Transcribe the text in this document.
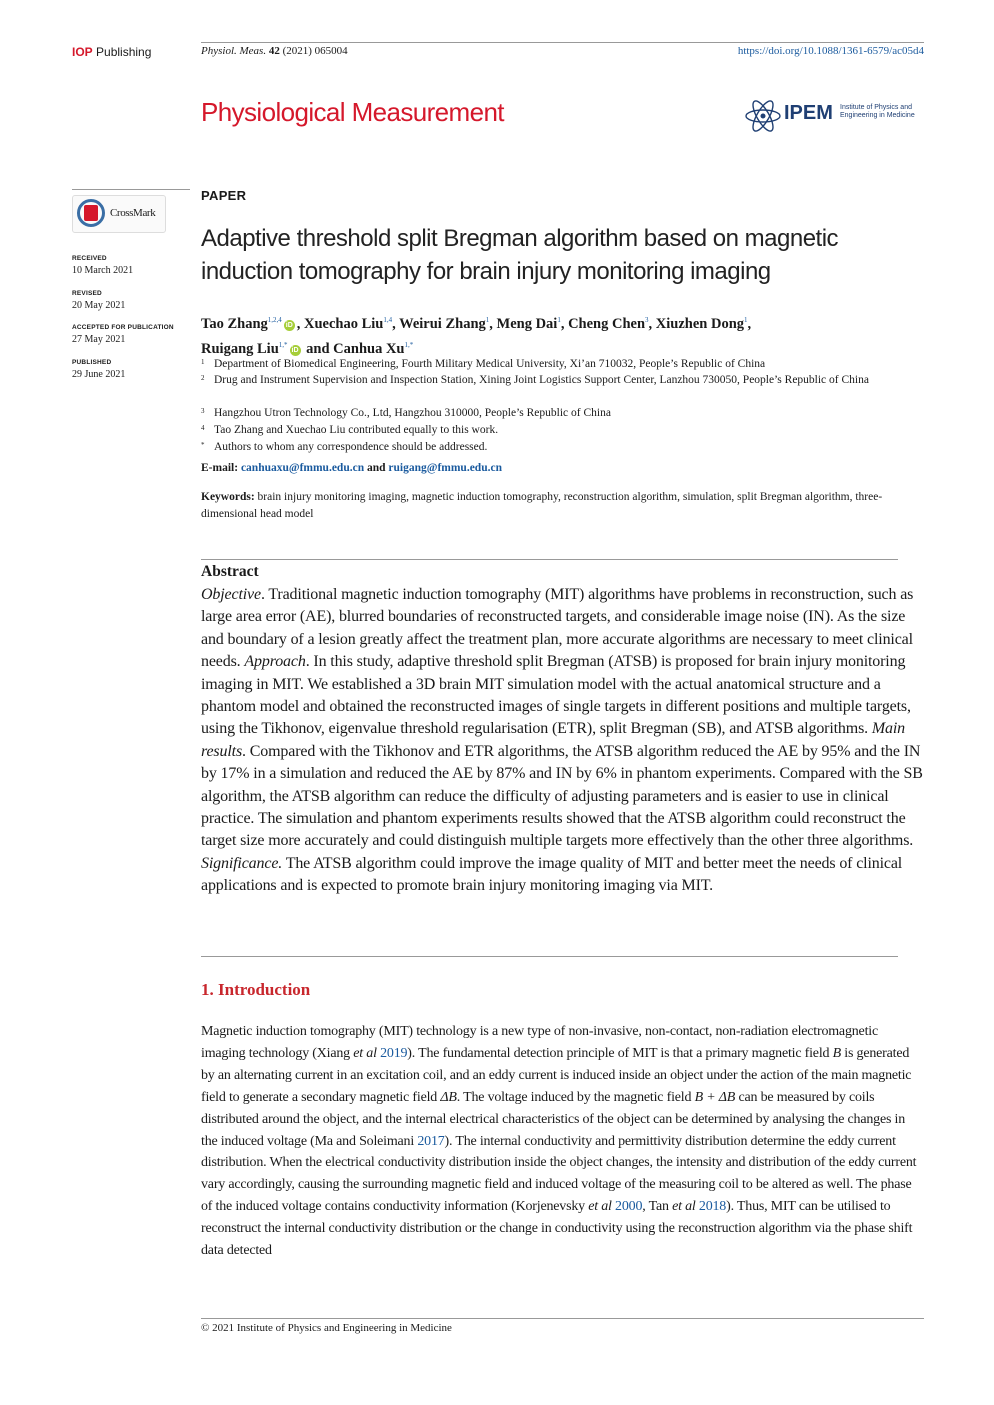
IOP Publishing	Physiol. Meas. 42 (2021) 065004	https://doi.org/10.1088/1361-6579/ac05d4
Physiological Measurement	IPEM Institute of Physics and Engineering in Medicine
CrossMark
RECEIVED
10 March 2021
REVISED
20 May 2021
ACCEPTED FOR PUBLICATION
27 May 2021
PUBLISHED
29 June 2021
PAPER
Adaptive threshold split Bregman algorithm based on magnetic induction tomography for brain injury monitoring imaging
Tao Zhang$^{1,2,4}$iD , Xuechao Liu$^{1,4}$, Weirui Zhang$^1$, Meng Dai$^1$, Cheng Chen$^3$, Xiuzhen Dong$^1$,
Ruigang Liu$^{1,*}$iD and Canhua $Xu^{1,*}$
1 Department of Biomedical Engineering, Fourth Military Medical University, Xi’an 710032, People’s Republic of China
2 Drug and Instrument Supervision and Inspection Station, Xining Joint Logistics Support Center, Lanzhou 730050, People’s Republic of China
3 Hangzhou Utron Technology Co., Ltd, Hangzhou 310000, People’s Republic of China
4 Tao Zhang and Xuechao Liu contributed equally to this work.
* Authors to whom any correspondence should be addressed.
E-mail: canhuaxu@fmmu.edu.cn and ruigang@fmmu.edu.cn
Keywords: brain injury monitoring imaging, magnetic induction tomography, reconstruction algorithm, simulation, split Bregman algorithm, three-dimensional head model
Abstract
Objective. Traditional magnetic induction tomography (MIT) algorithms have problems in reconstruction, such as large area error (AE), blurred boundaries of reconstructed targets, and considerable image noise (IN). As the size and boundary of a lesion greatly affect the treatment plan, more accurate algorithms are necessary to meet clinical needs. Approach. In this study, adaptive threshold split Bregman (ATSB) is proposed for brain injury monitoring imaging in MIT. We established a 3D brain MIT simulation model with the actual anatomical structure and a phantom model and obtained the reconstructed images of single targets in different positions and multiple targets, using the Tikhonov, eigenvalue threshold regularisation (ETR), split Bregman (SB), and ATSB algorithms. Main results. Compared with the Tikhonov and ETR algorithms, the ATSB algorithm reduced the AE by 95% and the IN by 17% in a simulation and reduced the AE by 87% and IN by 6% in phantom experiments. Compared with the SB algorithm, the ATSB algorithm can reduce the difficulty of adjusting parameters and is easier to use in clinical practice. The simulation and phantom experiments results showed that the ATSB algorithm could reconstruct the target size more accurately and could distinguish multiple targets more effectively than the other three algorithms. Significance. The ATSB algorithm could improve the image quality of MIT and better meet the needs of clinical applications and is expected to promote brain injury monitoring imaging via MIT.
1. Introduction
Magnetic induction tomography (MIT) technology is a new type of non-invasive, non-contact, non-radiation electromagnetic imaging technology (Xiang et al 2019). The fundamental detection principle of MIT is that a primary magnetic field B is generated by an alternating current in an excitation coil, and an eddy current is induced inside an object under the action of the main magnetic field to generate a secondary magnetic field ΔB. The voltage induced by the magnetic field B + ΔB can be measured by coils distributed around the object, and the internal electrical characteristics of the object can be determined by analysing the changes in the induced voltage (Ma and Soleimani 2017). The internal conductivity and permittivity distribution determine the eddy current distribution. When the electrical conductivity distribution inside the object changes, the intensity and distribution of the eddy current vary accordingly, causing the surrounding magnetic field and induced voltage of the measuring coil to be altered as well. The phase of the induced voltage contains conductivity information (Korjenevsky et al 2000, Tan et al 2018). Thus, MIT can be utilised to reconstruct the internal conductivity distribution or the change in conductivity using the reconstruction algorithm via the phase shift data detected
© 2021 Institute of Physics and Engineering in Medicine
